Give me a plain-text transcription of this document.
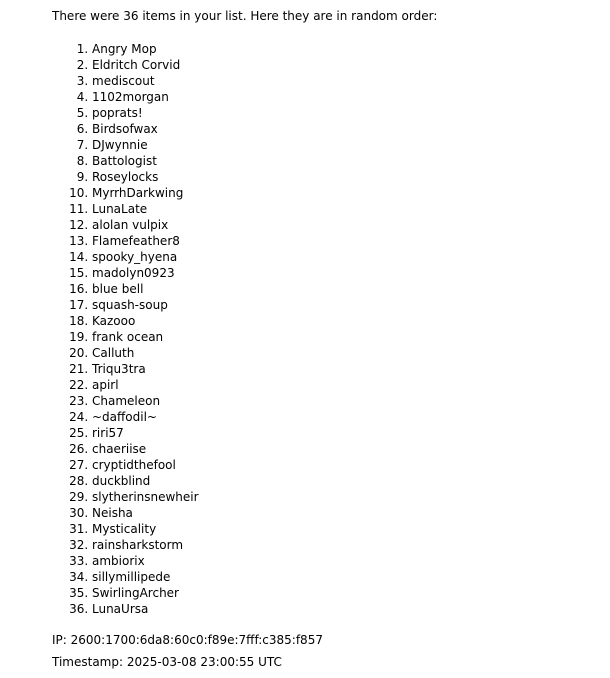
There were 36 items in your list. Here they are in random order:

1. Angry Mop
2. Eldritch Corvid
3. mediscout
4. 1102morgan
5. poprats!
6. Birdsofwax
7. DJwynnie
8. Battologist
9. Roseylocks
10. MyrrhDarkwing
11. LunaLate
12. alolan vulpix
13. Flamefeather8
14. spooky_hyena
15. madolyn0923
16. blue bell
17. squash-soup
18. Kazooo
19. frank ocean
20. Calluth
21. Triqu3tra
22. apirl
23. Chameleon
24. ~daffodil~
25. riri57
26. chaeriise
27. cryptidthefool
28. duckblind
29. slytherinsnewheir
30. Neisha
31. Mysticality
32. rainsharkstorm
33. ambiorix
34. sillymillipede
35. SwirlingArcher
36. LunaUrsa

IP: 2600:1700:6da8:60c0:f89e:7fff:c385:f857

Timestamp: 2025-03-08 23:00:55 UTC
